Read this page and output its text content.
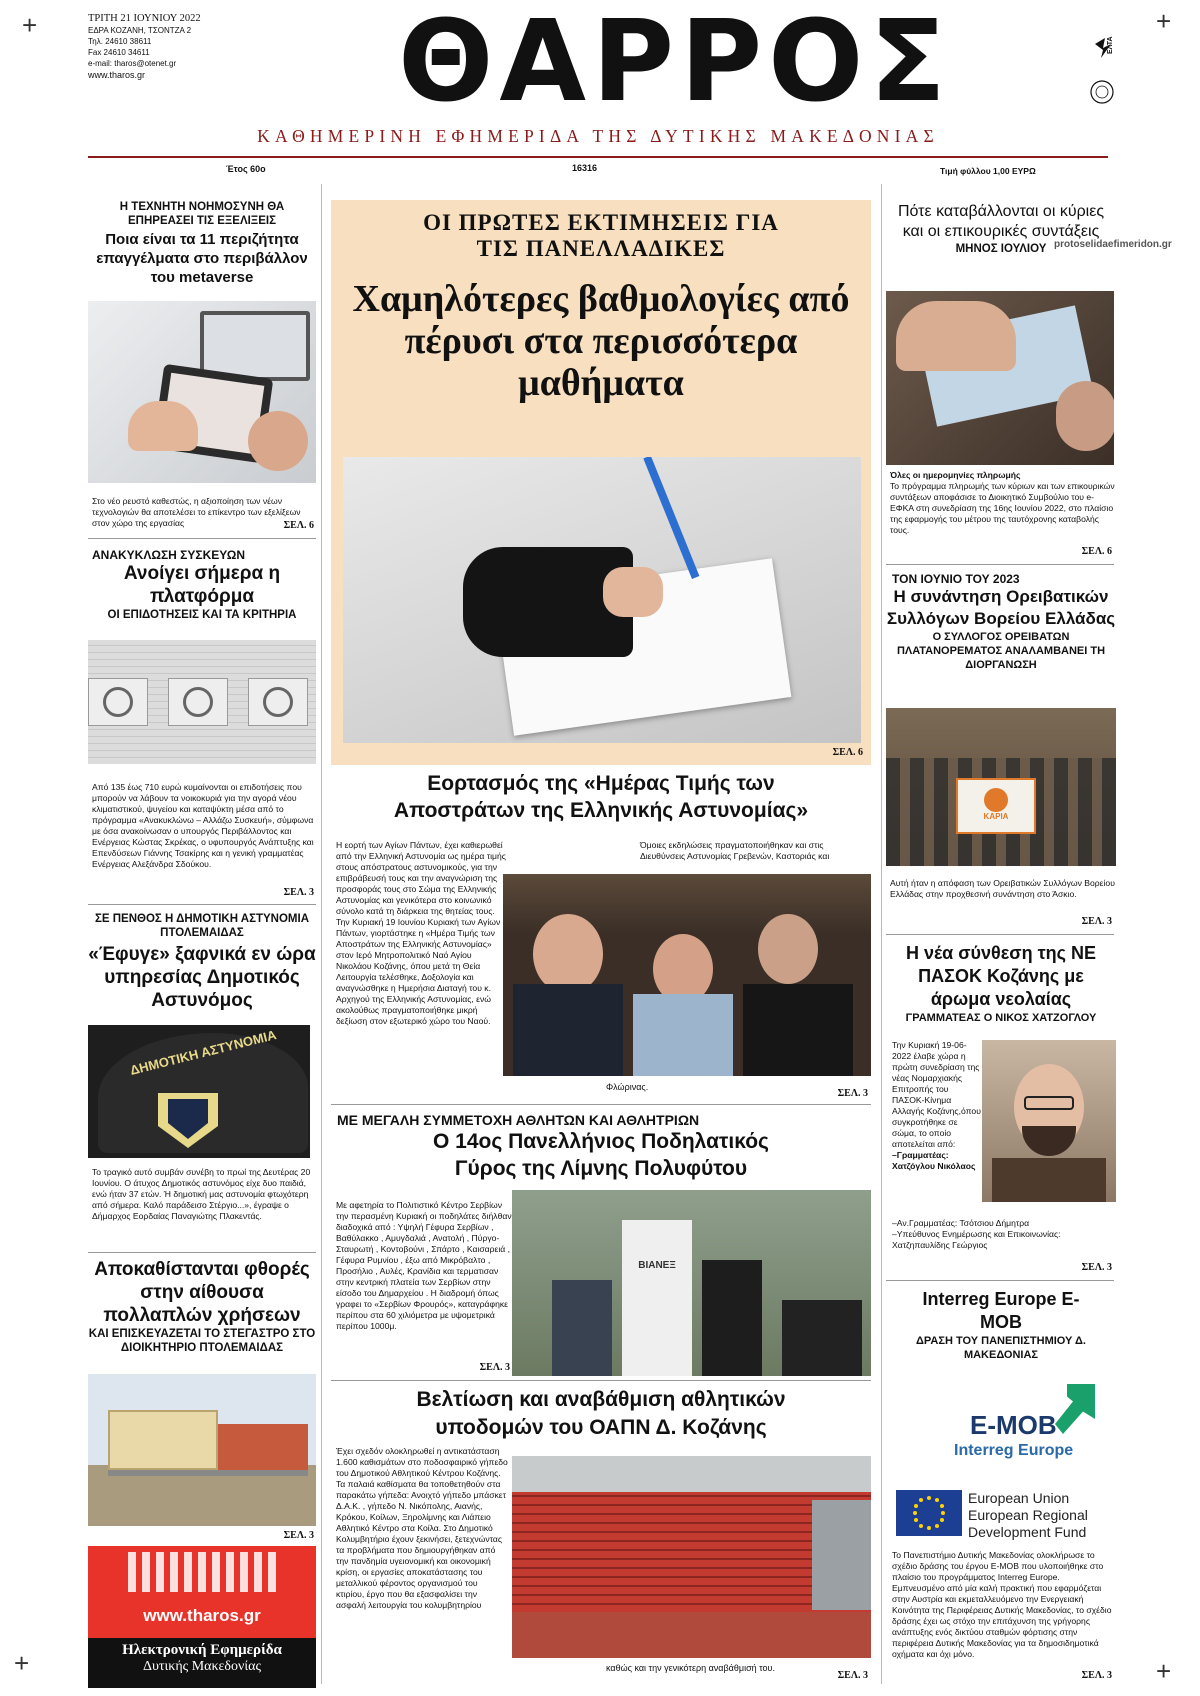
+	+
+	+
ΤΡΙΤΗ 21 ΙΟΥΝΙΟΥ 2022
ΕΔΡΑ ΚΟΖΑΝΗ, ΤΣΟΝΤΖΑ 2
Τηλ. 24610 38611
Fax 24610 34611
e-mail: tharos@otenet.gr
www.tharos.gr	ΘΑΡΡΟΣ	ΕΛΤΑ
ΚΑΘΗΜΕΡΙΝΗ ΕΦΗΜΕΡΙΔΑ ΤΗΣ ΔΥΤΙΚΗΣ ΜΑΚΕΔΟΝΙΑΣ
Έτος 60ο	16316	Τιμή φύλλου 1,00 ΕΥΡΩ
protoselidaefimeridon.gr
Η ΤΕΧΝΗΤΗ ΝΟΗΜΟΣΥΝΗ ΘΑ ΕΠΗΡΕΑΣΕΙ ΤΙΣ ΕΞΕΛΙΞΕΙΣ
Ποια είναι τα 11 περιζήτητα επαγγέλματα στο περιβάλλον του metaverse
Στο νέο ρευστό καθεστώς, η αξιοποίηση των νέων τεχνολογιών θα αποτελέσει το επίκεντρο των εξελίξεων στον χώρο της εργασίας	ΣΕΛ. 6
ΑΝΑΚΥΚΛΩΣΗ ΣΥΣΚΕΥΩΝ
Ανοίγει σήμερα η πλατφόρμα
ΟΙ ΕΠΙΔΟΤΗΣΕΙΣ ΚΑΙ ΤΑ ΚΡΙΤΗΡΙΑ
Από 135 έως 710 ευρώ κυμαίνονται οι επιδοτήσεις που μπορούν να λάβουν τα νοικοκυριά για την αγορά νέου κλιματιστικού, ψυγείου και καταψύκτη μέσα από το πρόγραμμα «Ανακυκλώνω – Αλλάζω Συσκευή», σύμφωνα με όσα ανακοίνωσαν ο υπουργός Περιβάλλοντος και Ενέργειας Κώστας Σκρέκας, ο υφυπουργός Ανάπτυξης και Επενδύσεων Γιάννης Τσακίρης και η γενική γραμματέας Ενέργειας Αλεξάνδρα Σδούκου.
ΣΕΛ. 3
ΣΕ ΠΕΝΘΟΣ Η ΔΗΜΟΤΙΚΗ ΑΣΤΥΝΟΜΙΑ ΠΤΟΛΕΜΑΙΔΑΣ
«Έφυγε» ξαφνικά εν ώρα υπηρεσίας Δημοτικός Αστυνόμος
ΔΗΜΟΤΙΚΗ ΑΣΤΥΝΟΜΙΑ
Το τραγικό αυτό συμβάν συνέβη το πρωί της Δευτέρας 20 Ιουνίου. Ο άτυχος Δημοτικός αστυνόμος είχε δυο παιδιά, ενώ ήταν 37 ετών. Ή δημοτική μας αστυνομία φτωχότερη από σήμερα. Καλό παράδεισο Στέργιο...», έγραψε ο Δήμαρχος Εορδαίας Παναγιώτης Πλακεντάς.
Αποκαθίστανται φθορές στην αίθουσα πολλαπλών χρήσεων
ΚΑΙ ΕΠΙΣΚΕΥΑΖΕΤΑΙ ΤΟ ΣΤΕΓΑΣΤΡΟ ΣΤΟ ΔΙΟΙΚΗΤΗΡΙΟ ΠΤΟΛΕΜΑΙΔΑΣ
ΣΕΛ. 3
www.tharos.gr
Ηλεκτρονική Εφημερίδα
Δυτικής Μακεδονίας
ΟΙ ΠΡΩΤΕΣ ΕΚΤΙΜΗΣΕΙΣ ΓΙΑ ΤΙΣ ΠΑΝΕΛΛΑΔΙΚΕΣ
Χαμηλότερες βαθμολογίες από πέρυσι στα περισσότερα μαθήματα
ΣΕΛ. 6
Εορτασμός της «Ημέρας Τιμής των Αποστράτων της Ελληνικής Αστυνομίας»
Η εορτή των Αγίων Πάντων, έχει καθιερωθεί από την Ελληνική Αστυνομία ως ημέρα τιμής στους απόστρατους αστυνομικούς, για την επιβράβευσή τους και την αναγνώριση της προσφοράς τους στο Σώμα της Ελληνικής Αστυνομίας και γενικότερα στο κοινωνικό σύνολο κατά τη διάρκεια της θητείας τους. Την Κυριακή 19 Ιουνίου Κυριακή των Αγίων Πάντων, γιορτάστηκε η «Ημέρα Τιμής των Αποστράτων της Ελληνικής Αστυνομίας» στον Ιερό Μητροπολιτικό Ναό Αγίου Νικολάου Κοζάνης, όπου μετά τη Θεία Λειτουργία τελέσθηκε, Δοξολογία και αναγνώσθηκε η Ημερήσια Διαταγή του κ. Αρχηγού της Ελληνικής Αστυνομίας, ενώ ακολούθως πραγματοποιήθηκε μικρή δεξίωση στον εξωτερικό χώρο του Ναού.
Όμοιες εκδηλώσεις πραγματοποιήθηκαν και στις Διευθύνσεις Αστυνομίας Γρεβενών, Καστοριάς και
Φλώρινας.
ΣΕΛ. 3
ΜΕ ΜΕΓΑΛΗ ΣΥΜΜΕΤΟΧΗ ΑΘΛΗΤΩΝ ΚΑΙ ΑΘΛΗΤΡΙΩΝ
Ο 14ος Πανελλήνιος Ποδηλατικός Γύρος της Λίμνης Πολυφύτου
Με αφετηρία το Πολιτιστικό Κέντρο Σερβίων την περασμένη Κυριακή οι ποδηλάτες διήλθαν διαδοχικά από : Υψηλή Γέφυρα Σερβίων , Βαθύλακκο , Αμυγδαλιά , Ανατολή , Πύργο-Σταυρωτή , Κοντοβούνι , Σπάρτο , Καισαρειά , Γέφυρα Ρυμνίου , έξω από Μικρόβαλτο , Προσήλιο , Αυλές, Κρανίδια και τερματισαν στην κεντρική πλατεία των Σερβίων στην είσοδο του Δημαρχείου . Η διαδρομή όπως γραφει το «Σερβίων Φρουρός», καταγράφηκε περίπου στα 60 χιλιόμετρα με υψομετρικά περίπου 1000μ.
ΒΙΑΝΕΞ
ΣΕΛ. 3
Βελτίωση και αναβάθμιση αθλητικών υποδομών του ΟΑΠΝ Δ. Κοζάνης
Έχει σχεδόν ολοκληρωθεί η αντικατάσταση 1.600 καθισμάτων στο ποδοσφαιρικό γήπεδο του Δημοτικού Αθλητικού Κέντρου Κοζάνης. Τα παλαιά καθίσματα θα τοποθετηθούν στα παρακάτω γήπεδα: Ανοιχτό γήπεδο μπάσκετ Δ.Α.Κ. , γήπεδο Ν. Νικόπολης, Αιανής, Κρόκου, Κοίλων, Ξηρολίμνης και Λιάπειο Αθλητικό Κέντρο στα Κοίλα. Στο Δημοτικό Κολυμβητήριο έχουν ξεκινήσει, ξετεχνώντας τα προβλήματα που δημιουργήθηκαν από την πανδημία υγειονομική και οικονομική κρίση, οι εργασίες αποκατάστασης του μεταλλικού φέροντος οργανισμού του κτιρίου, έργο που θα εξασφαλίσει την ασφαλή λειτουργία του κολυμβητηρίου
καθώς και την γενικότερη αναβάθμισή του.
ΣΕΛ. 3
Πότε καταβάλλονται οι κύριες και οι επικουρικές συντάξεις
ΜΗΝΟΣ ΙΟΥΛΙΟΥ
Όλες οι ημερομηνίες πληρωμής
Το πρόγραμμα πληρωμής των κύριων και των επικουρικών συντάξεων αποφάσισε το Διοικητικό Συμβούλιο του e-ΕΦΚΑ στη συνεδρίαση της 16ης Ιουνίου 2022, στο πλαίσιο της εφαρμογής του μέτρου της ταυτόχρονης καταβολής τους.
ΣΕΛ. 6
ΤΟΝ ΙΟΥΝΙΟ ΤΟΥ 2023
Η συνάντηση Ορειβατικών Συλλόγων Βορείου Ελλάδας
Ο ΣΥΛΛΟΓΟΣ ΟΡΕΙΒΑΤΩΝ ΠΛΑΤΑΝΟΡΕΜΑΤΟΣ ΑΝΑΛΑΜΒΑΝΕΙ ΤΗ ΔΙΟΡΓΑΝΩΣΗ
ΚΑΡΙΑ
Αυτή ήταν η απόφαση των Ορειβατικών Συλλόγων Βορείου Ελλάδας στην προχθεσινή συνάντηση στο Άσκιο.
ΣΕΛ. 3
Η νέα σύνθεση της ΝΕ ΠΑΣΟΚ Κοζάνης με άρωμα νεολαίας
ΓΡΑΜΜΑΤΕΑΣ Ο ΝΙΚΟΣ ΧΑΤΖΟΓΛΟΥ
Την Κυριακή 19-06-2022 έλαβε χώρα η πρώτη συνεδρίαση της νέας Νομαρχιακής Επιτροπής του ΠΑΣΟΚ-Κίνημα Αλλαγής Κοζάνης,όπου συγκροτήθηκε σε σώμα, το οποίο αποτελείται από:
–Γραμματέας: Χατζόγλου Νικόλαος
–Αν.Γραμματέας: Τσότσιου Δήμητρα
–Υπεύθυνος Ενημέρωσης και Επικοινωνίας: Χατζηπαυλίδης Γεώργιος
ΣΕΛ. 3
Interreg Europe E-MOB
ΔΡΑΣΗ ΤΟΥ ΠΑΝΕΠΙΣΤΗΜΙΟΥ Δ. ΜΑΚΕΔΟΝΙΑΣ
E-MOB
Interreg Europe
European Union
European Regional
Development Fund
Το Πανεπιστήμιο Δυτικής Μακεδονίας ολοκλήρωσε το σχέδιο δράσης του έργου E-MOB που υλοποιήθηκε στο πλαίσιο του προγράμματος Interreg Europe. Εμπνευσμένο από μία καλή πρακτική που εφαρμόζεται στην Αυστρία και εκμεταλλευόμενο την Ενεργειακή Κοινότητα της Περιφέρειας Δυτικής Μακεδονίας, το σχέδιο δράσης έχει ως στόχο την επιτάχυνση της γρήγορης ανάπτυξης ενός δικτύου σταθμών φόρτισης στην περιφέρεια Δυτικής Μακεδονίας για τα δημοσιδημοτικά οχήματα και όχι μόνο.
ΣΕΛ. 3
